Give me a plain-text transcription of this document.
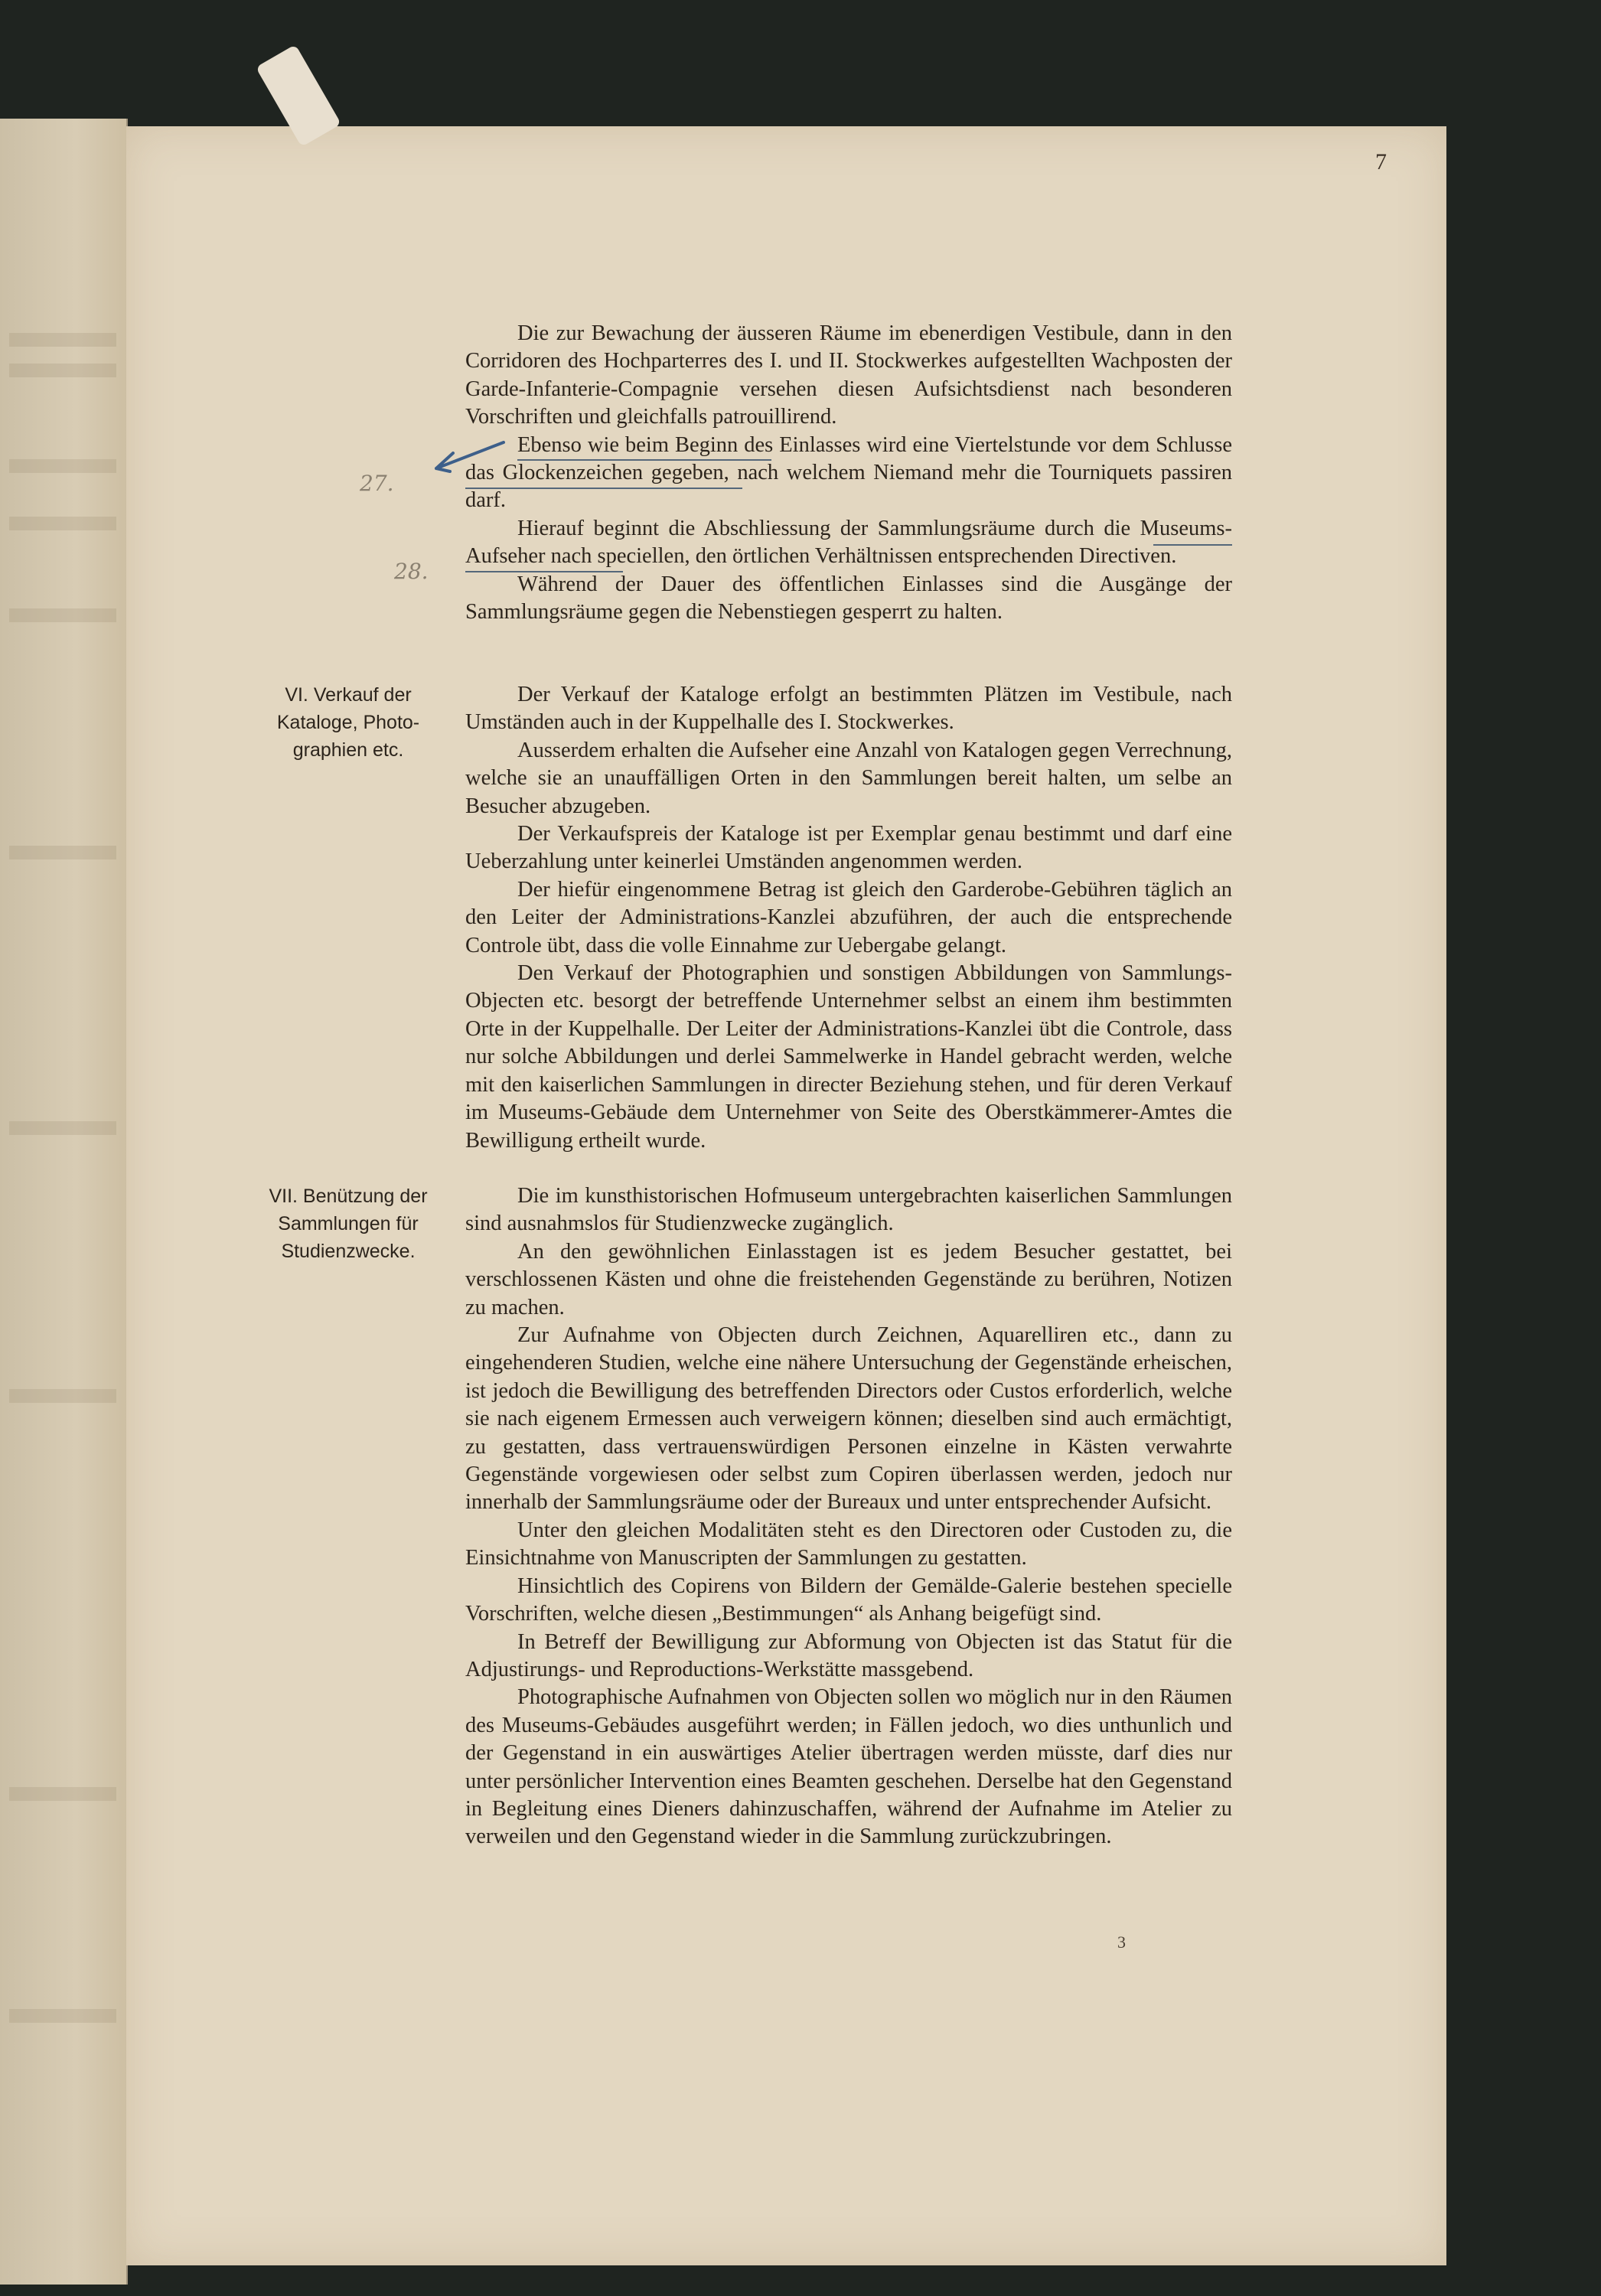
7
27.
28.

Die zur Bewachung der äusseren Räume im ebenerdigen Vestibule, dann in den Corridoren des Hochparterres des I. und II. Stockwerkes aufgestellten Wachposten der Garde-Infanterie-Compagnie versehen diesen Aufsichtsdienst nach besonderen Vorschriften und gleichfalls patrouillirend.

Ebenso wie beim Beginn des Einlasses wird eine Viertelstunde vor dem Schlusse das Glockenzeichen gegeben, nach welchem Niemand mehr die Tourniquets passiren darf.

Hierauf beginnt die Abschliessung der Sammlungsräume durch die Museums-Aufseher nach speciellen, den örtlichen Verhältnissen entsprechenden Directiven.

Während der Dauer des öffentlichen Einlasses sind die Ausgänge der Sammlungsräume gegen die Nebenstiegen gesperrt zu halten.

VI. Verkauf der
Kataloge, Photo-
graphien etc.

Der Verkauf der Kataloge erfolgt an bestimmten Plätzen im Vestibule, nach Umständen auch in der Kuppelhalle des I. Stockwerkes.

Ausserdem erhalten die Aufseher eine Anzahl von Katalogen gegen Verrechnung, welche sie an unauffälligen Orten in den Sammlungen bereit halten, um selbe an Besucher abzugeben.

Der Verkaufspreis der Kataloge ist per Exemplar genau bestimmt und darf eine Ueberzahlung unter keinerlei Umständen angenommen werden.

Der hiefür eingenommene Betrag ist gleich den Garderobe-Gebühren täglich an den Leiter der Administrations-Kanzlei abzuführen, der auch die entsprechende Controle übt, dass die volle Einnahme zur Uebergabe gelangt.

Den Verkauf der Photographien und sonstigen Abbildungen von Sammlungs-Objecten etc. besorgt der betreffende Unternehmer selbst an einem ihm bestimmten Orte in der Kuppelhalle. Der Leiter der Administrations-Kanzlei übt die Controle, dass nur solche Abbildungen und derlei Sammelwerke in Handel gebracht werden, welche mit den kaiserlichen Sammlungen in directer Beziehung stehen, und für deren Verkauf im Museums-Gebäude dem Unternehmer von Seite des Oberstkämmerer-Amtes die Bewilligung ertheilt wurde.

VII. Benützung der
Sammlungen für
Studienzwecke.

Die im kunsthistorischen Hofmuseum untergebrachten kaiserlichen Sammlungen sind ausnahmslos für Studienzwecke zugänglich.

An den gewöhnlichen Einlasstagen ist es jedem Besucher gestattet, bei verschlossenen Kästen und ohne die freistehenden Gegenstände zu berühren, Notizen zu machen.

Zur Aufnahme von Objecten durch Zeichnen, Aquarelliren etc., dann zu eingehenderen Studien, welche eine nähere Untersuchung der Gegenstände erheischen, ist jedoch die Bewilligung des betreffenden Directors oder Custos erforderlich, welche sie nach eigenem Ermessen auch verweigern können; dieselben sind auch ermächtigt, zu gestatten, dass vertrauenswürdigen Personen einzelne in Kästen verwahrte Gegenstände vorgewiesen oder selbst zum Copiren überlassen werden, jedoch nur innerhalb der Sammlungsräume oder der Bureaux und unter entsprechender Aufsicht.

Unter den gleichen Modalitäten steht es den Directoren oder Custoden zu, die Einsichtnahme von Manuscripten der Sammlungen zu gestatten.

Hinsichtlich des Copirens von Bildern der Gemälde-Galerie bestehen specielle Vorschriften, welche diesen „Bestimmungen“ als Anhang beigefügt sind.

In Betreff der Bewilligung zur Abformung von Objecten ist das Statut für die Adjustirungs- und Reproductions-Werkstätte massgebend.

Photographische Aufnahmen von Objecten sollen wo möglich nur in den Räumen des Museums-Gebäudes ausgeführt werden; in Fällen jedoch, wo dies unthunlich und der Gegenstand in ein auswärtiges Atelier übertragen werden müsste, darf dies nur unter persönlicher Intervention eines Beamten geschehen. Derselbe hat den Gegenstand in Begleitung eines Dieners dahinzuschaffen, während der Aufnahme im Atelier zu verweilen und den Gegenstand wieder in die Sammlung zurückzubringen.

3
